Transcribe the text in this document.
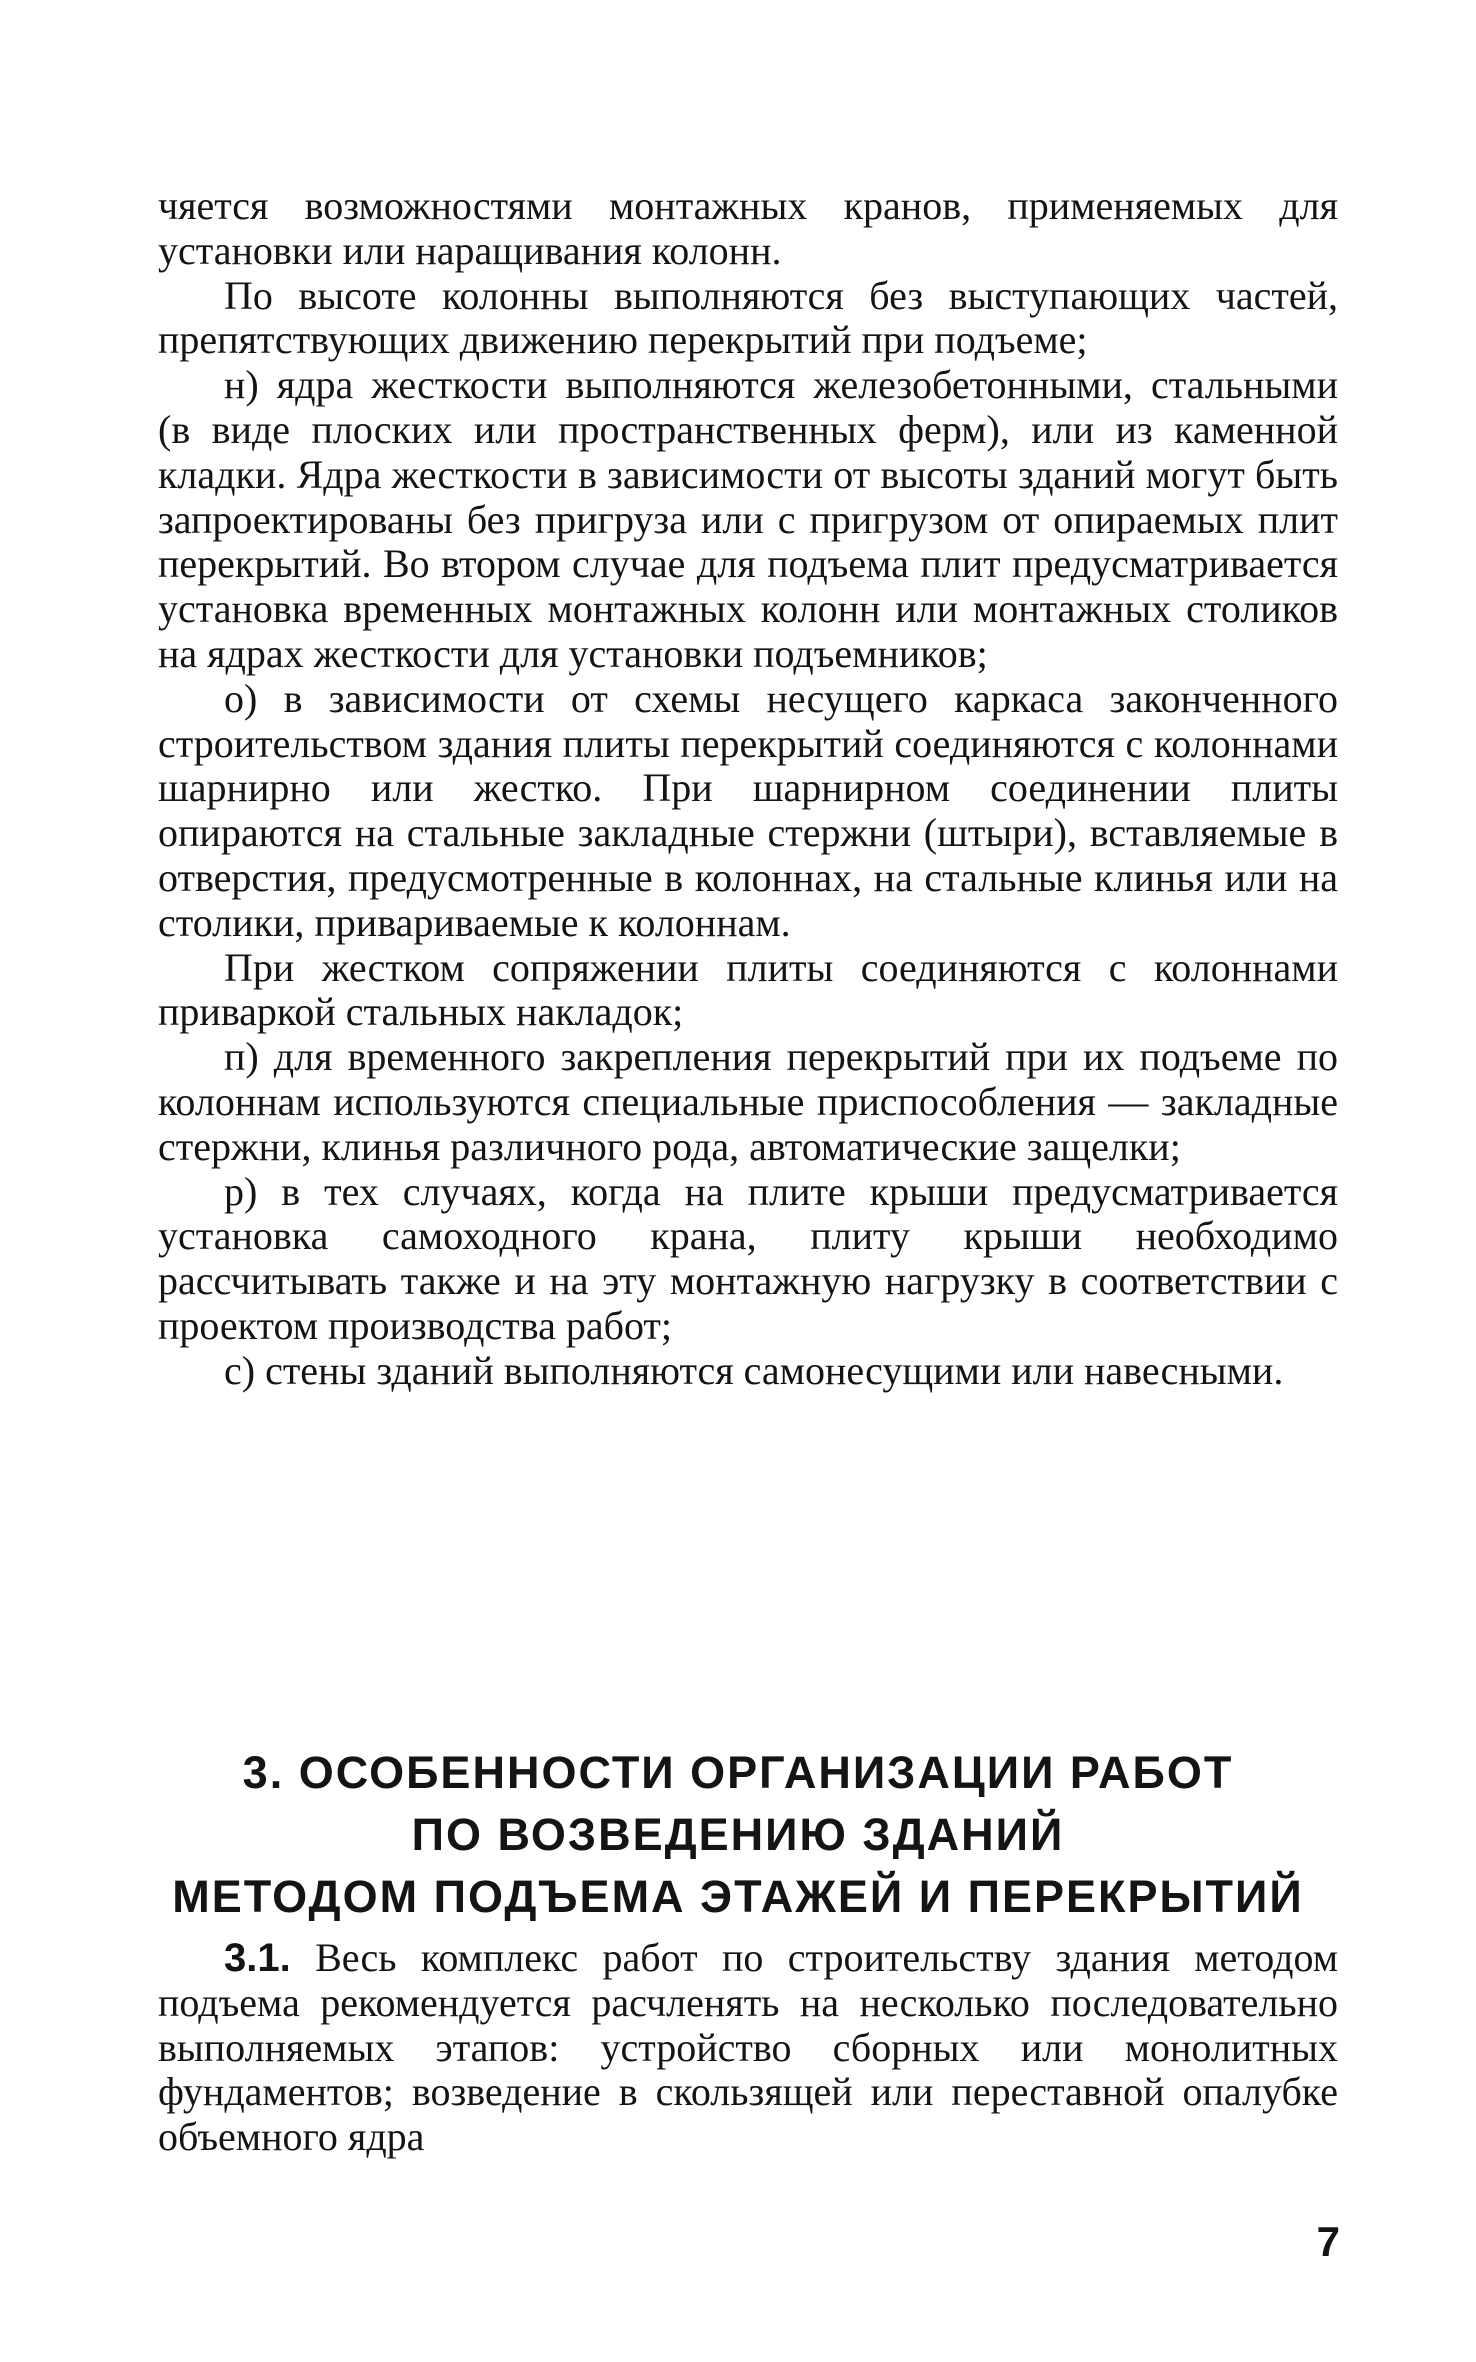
чяется возможностями монтажных кранов, применяемых для установки или наращивания колонн.

По высоте колонны выполняются без выступающих частей, препятствующих движению перекрытий при подъеме;

н) ядра жесткости выполняются железобетонными, стальными (в виде плоских или пространственных ферм), или из каменной кладки. Ядра жесткости в зависимости от высоты зданий могут быть запроектированы без пригруза или с пригрузом от опираемых плит перекрытий. Во втором случае для подъема плит предусматривается установка временных монтажных колонн или монтажных столиков на ядрах жесткости для установки подъемников;

о) в зависимости от схемы несущего каркаса законченного строительством здания плиты перекрытий соединяются с колоннами шарнирно или жестко. При шарнирном соединении плиты опираются на стальные закладные стержни (штыри), вставляемые в отверстия, предусмотренные в колоннах, на стальные клинья или на столики, привариваемые к колоннам.

При жестком сопряжении плиты соединяются с колоннами приваркой стальных накладок;

п) для временного закрепления перекрытий при их подъеме по колоннам используются специальные приспособления — закладные стержни, клинья различного рода, автоматические защелки;

р) в тех случаях, когда на плите крыши предусматривается установка самоходного крана, плиту крыши необходимо рассчитывать также и на эту монтажную нагрузку в соответствии с проектом производства работ;

с) стены зданий выполняются самонесущими или навесными.

3. ОСОБЕННОСТИ ОРГАНИЗАЦИИ РАБОТ
ПО ВОЗВЕДЕНИЮ ЗДАНИЙ
МЕТОДОМ ПОДЪЕМА ЭТАЖЕЙ И ПЕРЕКРЫТИЙ

3.1. Весь комплекс работ по строительству здания методом подъема рекомендуется расчленять на несколько последовательно выполняемых этапов: устройство сборных или монолитных фундаментов; возведение в скользящей или переставной опалубке объемного ядра

7
